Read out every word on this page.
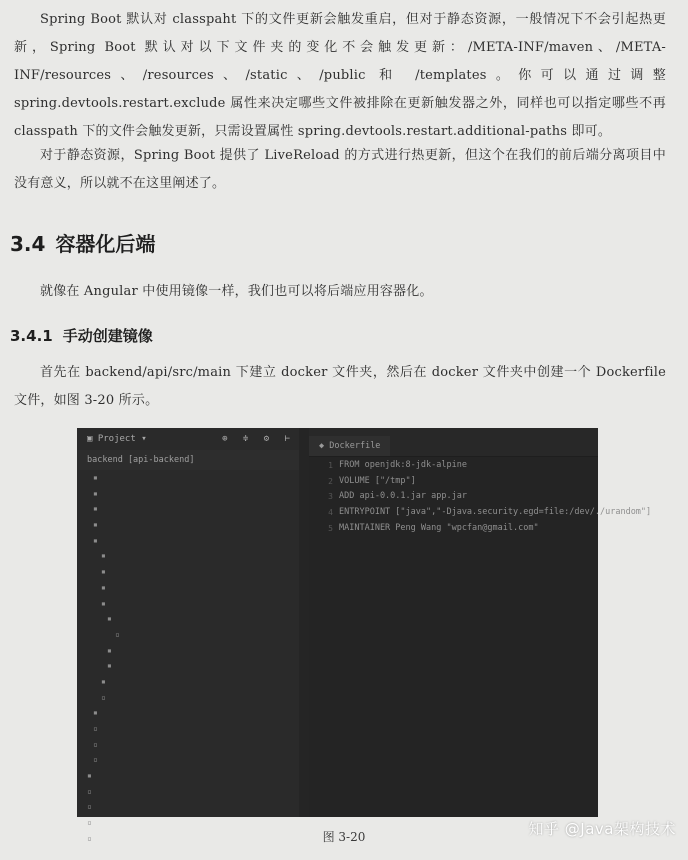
Spring Boot 默认对 classpaht 下的文件更新会触发重启，但对于静态资源，一般情况下不会引起热更新，Spring Boot 默认对以下文件夹的变化不会触发更新：/META-INF/maven、/META-INF/resources、/resources、/static、/public 和 /templates。你可以通过调整 spring.devtools.restart.exclude 属性来决定哪些文件被排除在更新触发器之外，同样也可以指定哪些不再 classpath 下的文件会触发更新，只需设置属性 spring.devtools.restart.additional-paths 即可。

对于静态资源，Spring Boot 提供了 LiveReload 的方式进行热更新，但这个在我们的前后端分离项目中没有意义，所以就不在这里阐述了。

3.4 容器化后端

就像在 Angular 中使用镜像一样，我们也可以将后端应用容器化。

3.4.1 手动创建镜像

首先在 backend/api/src/main 下建立 docker 文件夹，然后在 docker 文件夹中创建一个 Dockerfile 文件，如图 3-20 所示。

▣ Project ▾	⊕ ≑ ⚙ ⊢
backend [api-backend]
▪
▪
▪
▪
▪
▪
▪
▪
▪
▪
▫
▪
▪
▪
▫
▪
▫
▫
▫
▪
▫
▫
▫
▫
◆ Dockerfile
1
2
3
4
5
FROM openjdk:8-jdk-alpine
VOLUME ["/tmp"]
ADD api-0.0.1.jar app.jar
ENTRYPOINT ["java","-Djava.security.egd=file:/dev/./urandom"]
MAINTAINER Peng Wang "wpcfan@gmail.com"

图 3-20	知乎 @Java架构技术
